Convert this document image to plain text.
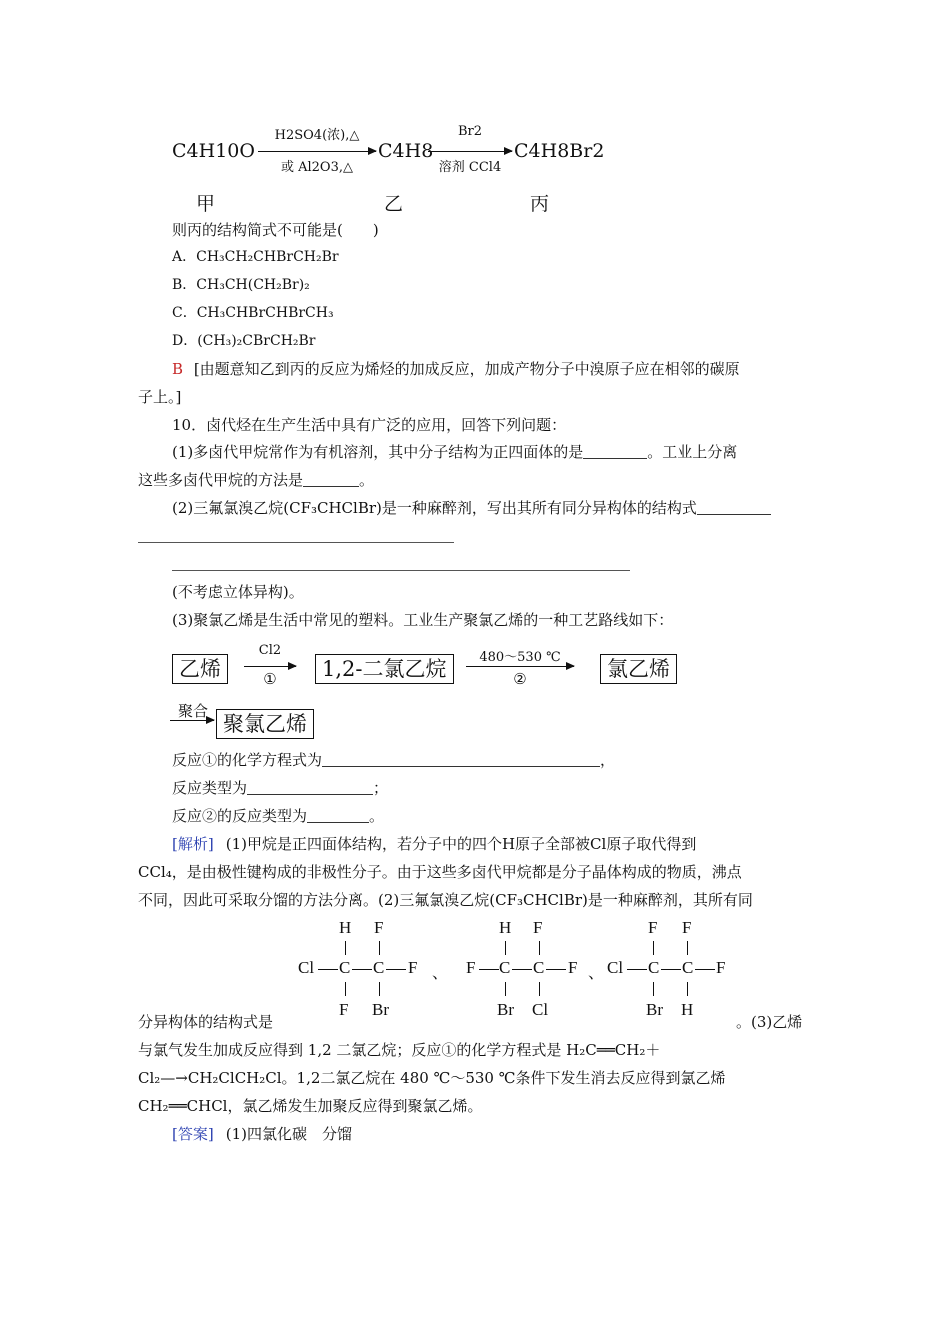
C4H10O
H2SO4(浓),△
或 Al2O3,△
C4H8
Br2
溶剂 CCl4
C4H8Br2
甲	乙	丙
则丙的结构简式不可能是(　　)
A．CH₃CH₂CHBrCH₂Br
B．CH₃CH(CH₂Br)₂
C．CH₃CHBrCHBrCH₃
D．(CH₃)₂CBrCH₂Br
B [由题意知乙到丙的反应为烯烃的加成反应，加成产物分子中溴原子应在相邻的碳原
子上。]
10．卤代烃在生产生活中具有广泛的应用，回答下列问题：
(1)多卤代甲烷常作为有机溶剂，其中分子结构为正四面体的是	。工业上分离
这些多卤代甲烷的方法是	。
(2)三氟氯溴乙烷(CF₃CHClBr)是一种麻醉剂，写出其所有同分异构体的结构式
(不考虑立体异构)。
(3)聚氯乙烯是生活中常见的塑料。工业生产聚氯乙烯的一种工艺路线如下：
乙烯
Cl2
①	1,2-二氯乙烷	480～530 ℃
②	氯乙烯
聚合
聚氯乙烯
反应①的化学方程式为	，
反应类型为	；
反应②的反应类型为	。
[解析] (1)甲烷是正四面体结构，若分子中的四个H原子全部被Cl原子取代得到
CCl₄，是由极性键构成的非极性分子。由于这些多卤代甲烷都是分子晶体构成的物质，沸点
不同，因此可采取分馏的方法分离。(2)三氟氯溴乙烷(CF₃CHClBr)是一种麻醉剂，其所有同
H F
Cl C C F
F Br
、
H F
F C C F
Br Cl
、
F F
Cl C C F
Br H
分异构体的结构式是	。(3)乙烯
与氯气发生加成反应得到 1,2 二氯乙烷；反应①的化学方程式是 H₂C══CH₂＋
Cl₂—→CH₂ClCH₂Cl。1,2二氯乙烷在 480 ℃～530 ℃条件下发生消去反应得到氯乙烯
CH₂══CHCl，氯乙烯发生加聚反应得到聚氯乙烯。
[答案] (1)四氯化碳　分馏
